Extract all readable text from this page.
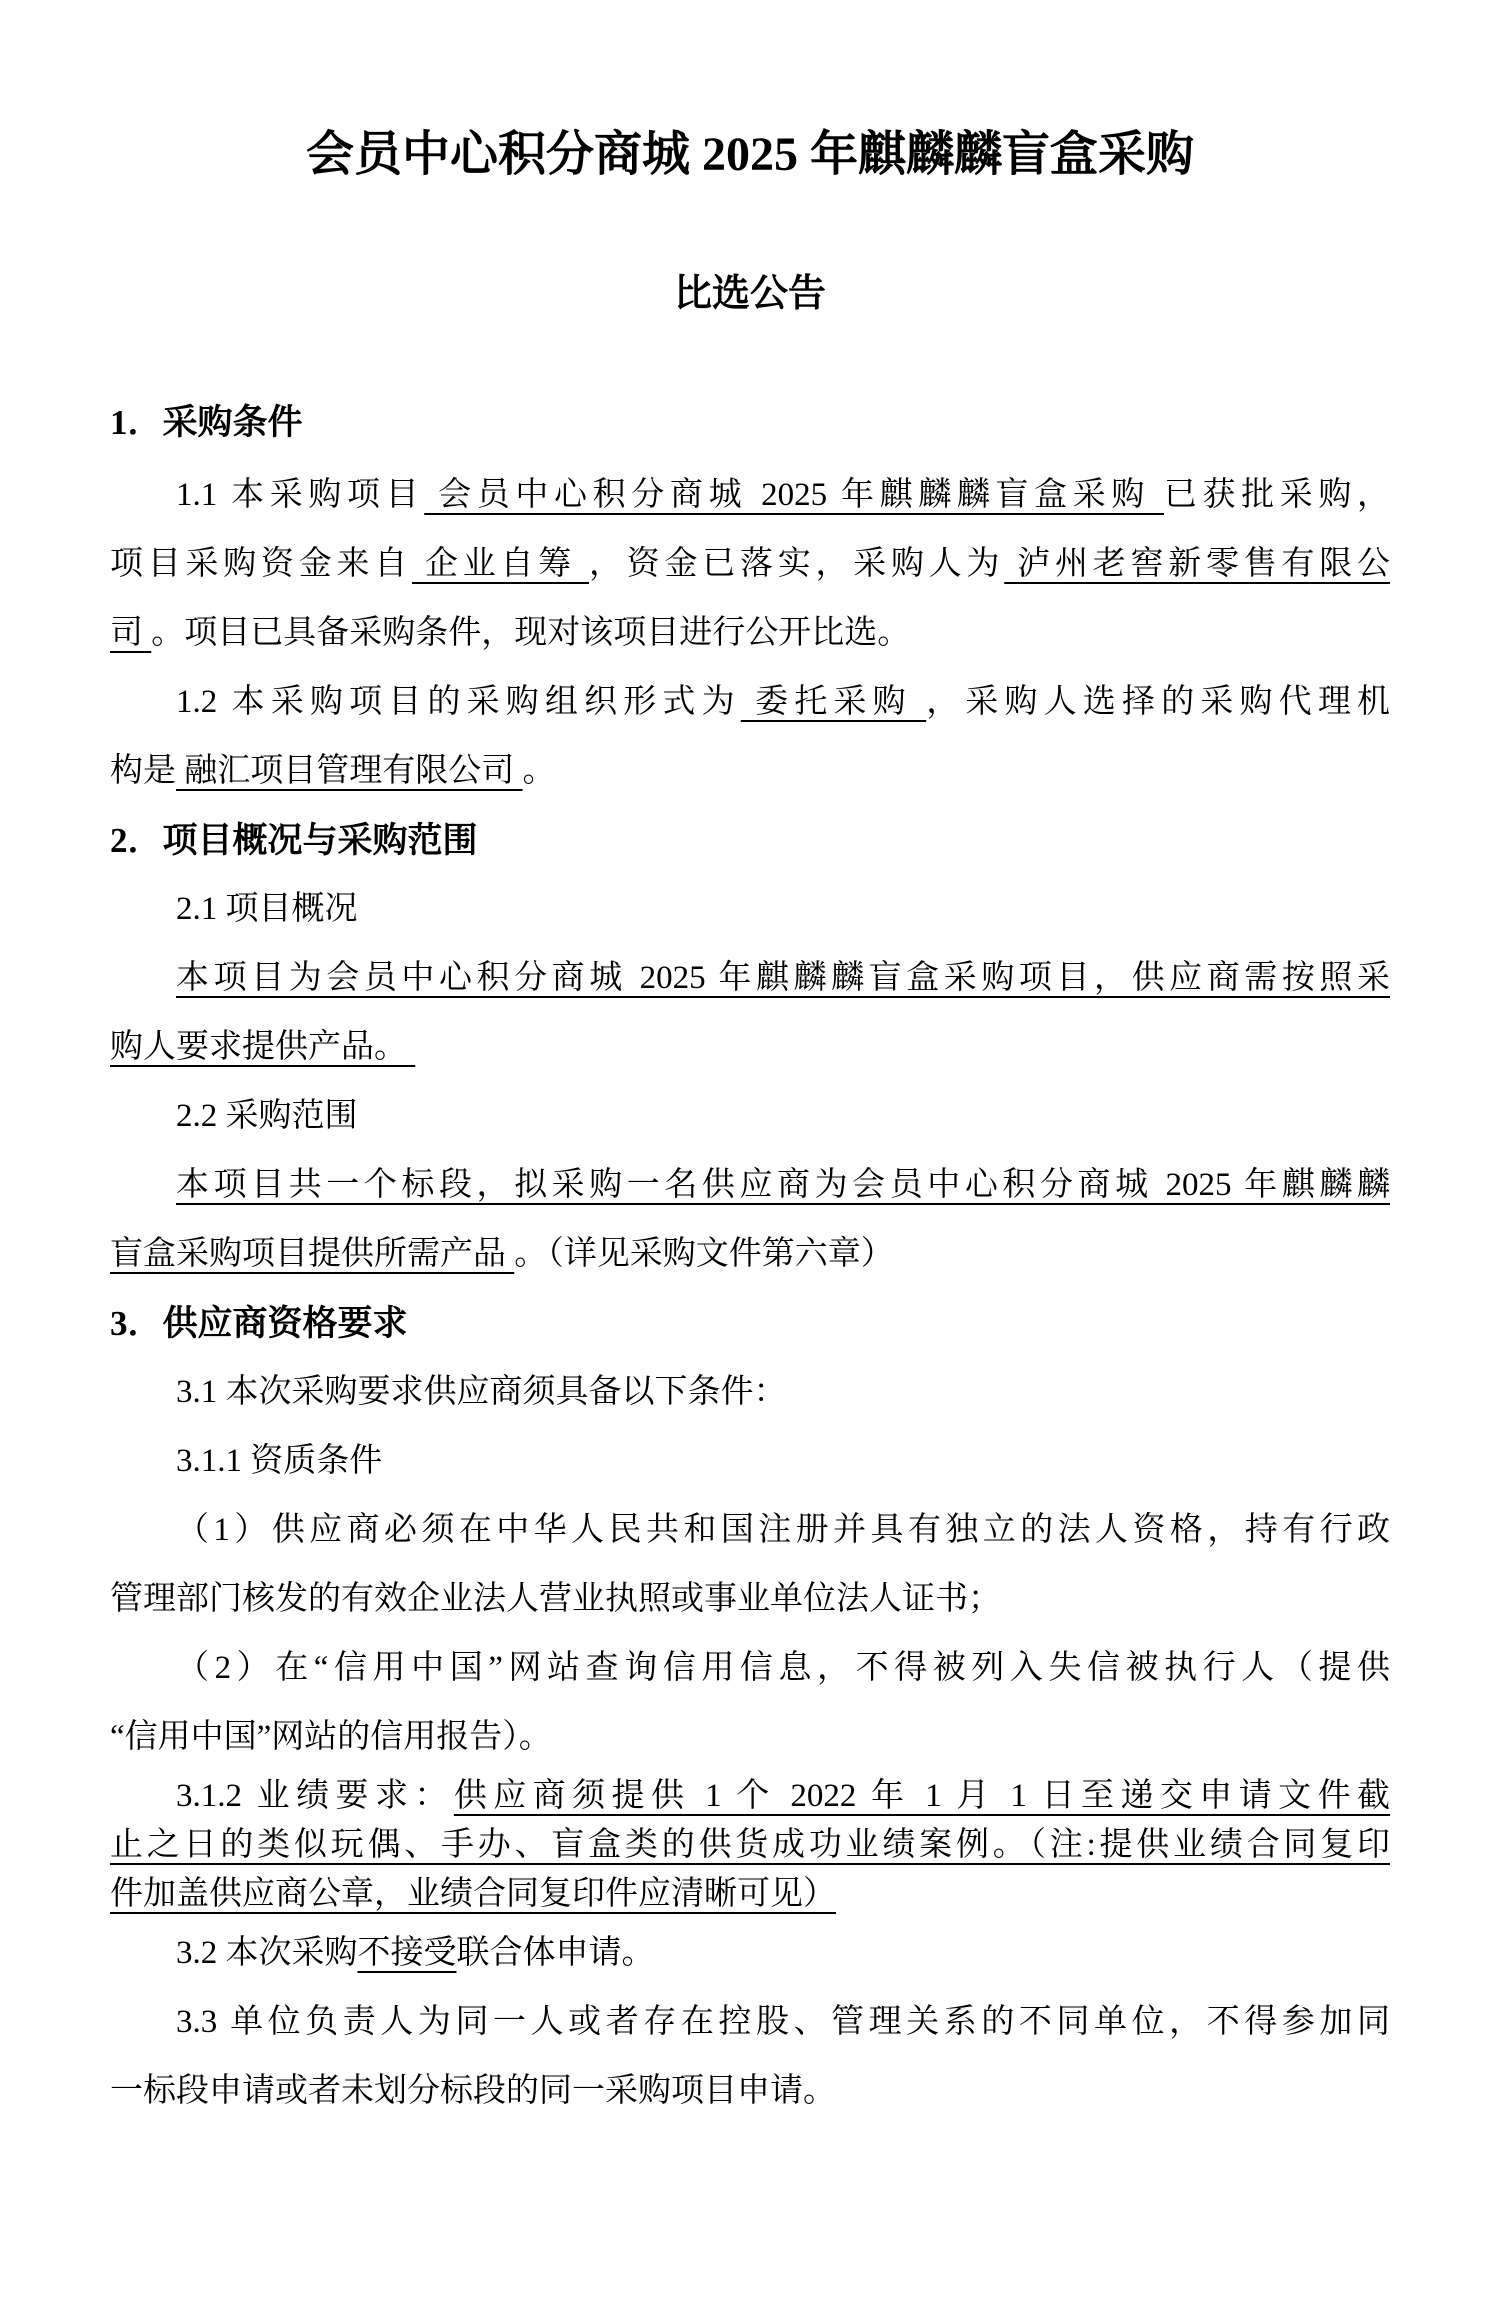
会员中心积分商城 2025 年麒麟麟盲盒采购
比选公告
1．采购条件
1.1 本采购项目 会员中心积分商城 2025 年麒麟麟盲盒采购 已获批采购，
项目采购资金来自 企业自筹 ，资金已落实，采购人为 泸州老窖新零售有限公
司 。项目已具备采购条件，现对该项目进行公开比选。
1.2 本采购项目的采购组织形式为 委托采购 ，采购人选择的采购代理机
构是 融汇项目管理有限公司 。
2．项目概况与采购范围
2.1 项目概况
本项目为会员中心积分商城 2025 年麒麟麟盲盒采购项目，供应商需按照采
购人要求提供产品。
2.2 采购范围
本项目共一个标段，拟采购一名供应商为会员中心积分商城 2025 年麒麟麟
盲盒采购项目提供所需产品 。（详见采购文件第六章）
3．供应商资格要求
3.1 本次采购要求供应商须具备以下条件：
3.1.1 资质条件
（1）供应商必须在中华人民共和国注册并具有独立的法人资格，持有行政
管理部门核发的有效企业法人营业执照或事业单位法人证书；
（2）在“信用中国”网站查询信用信息，不得被列入失信被执行人（提供
“信用中国”网站的信用报告）。
3.1.2 业绩要求：供应商须提供 1 个 2022 年 1 月 1 日至递交申请文件截
止之日的类似玩偶、手办、盲盒类的供货成功业绩案例。（注:提供业绩合同复印
件加盖供应商公章，业绩合同复印件应清晰可见）
3.2 本次采购不接受联合体申请。
3.3 单位负责人为同一人或者存在控股、管理关系的不同单位，不得参加同
一标段申请或者未划分标段的同一采购项目申请。
